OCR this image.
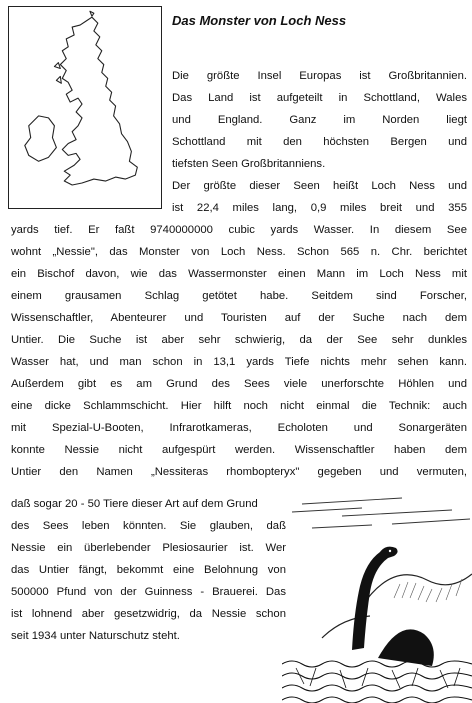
Das Monster von Loch Ness
Die größte Insel Europas ist Großbritannien.
Das Land ist aufgeteilt in Schottland, Wales
und England. Ganz im Norden liegt
Schottland mit den höchsten Bergen und
tiefsten Seen Großbritanniens.
Der größte dieser Seen heißt Loch Ness und
ist 22,4 miles lang, 0,9 miles breit und 355
yards tief. Er faßt 9740000000 cubic yards Wasser. In diesem See
wohnt „Nessie", das Monster von Loch Ness. Schon 565 n. Chr. berichtet
ein Bischof davon, wie das Wassermonster einen Mann im Loch Ness mit
einem grausamen Schlag getötet habe. Seitdem sind Forscher,
Wissenschaftler, Abenteurer und Touristen auf der Suche nach dem
Untier. Die Suche ist aber sehr schwierig, da der See sehr dunkles
Wasser hat, und man schon in 13,1 yards Tiefe nichts mehr sehen kann.
Außerdem gibt es am Grund des Sees viele unerforschte Höhlen und
eine dicke Schlammschicht. Hier hilft noch nicht einmal die Technik: auch
mit Spezial-U-Booten, Infrarotkameras, Echoloten und Sonargeräten
konnte Nessie nicht aufgespürt werden. Wissenschaftler haben dem
Untier den Namen „Nessiteras rhombopteryx" gegeben und vermuten,
daß sogar 20 - 50 Tiere dieser Art auf dem Grund
des Sees leben könnten. Sie glauben, daß
Nessie ein überlebender Plesiosaurier ist. Wer
das Untier fängt, bekommt eine Belohnung von
500000 Pfund von der Guinness - Brauerei. Das
ist lohnend aber gesetzwidrig, da Nessie schon
seit 1934 unter Naturschutz steht.
